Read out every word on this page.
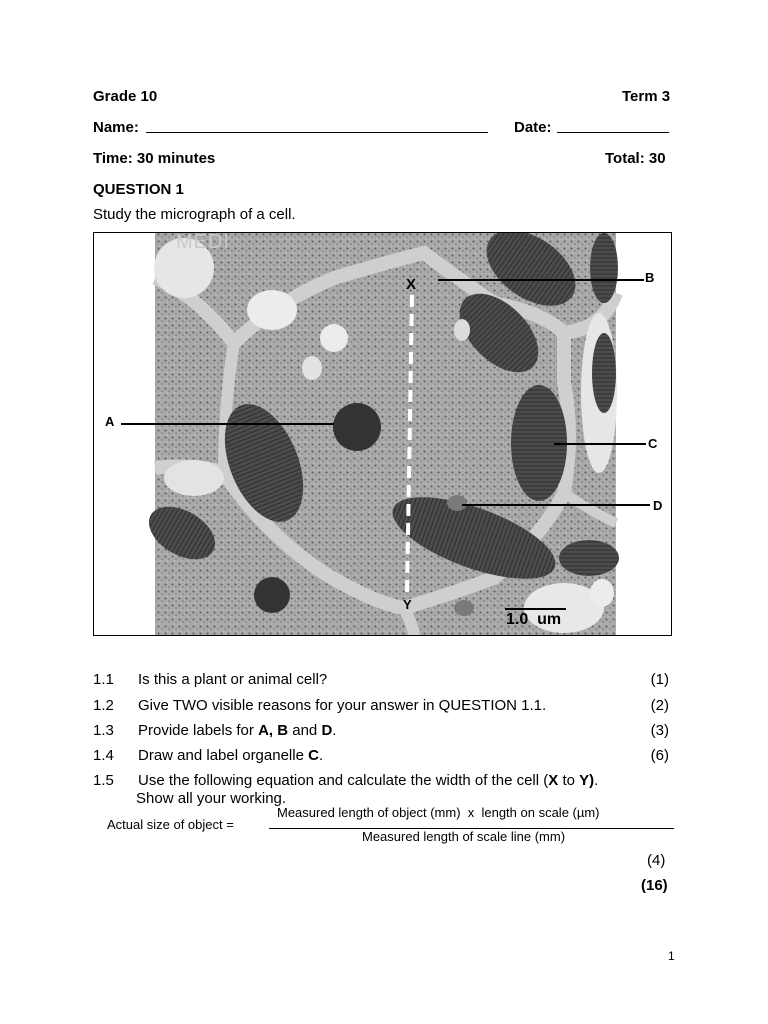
Grade 10	Term 3
Name:	Date:
Time: 30 minutes	Total: 30
QUESTION 1
Study the micrograph of a cell.
MEDI
X	B
A
C
D
Y
1.0  um
1.1 Is this a plant or animal cell?	(1)
1.2 Give TWO visible reasons for your answer in QUESTION 1.1.	(2)
1.3 Provide labels for A, B and D.	(3)
1.4 Draw and label organelle C.	(6)
1.5 Use the following equation and calculate the width of the cell (X to Y).
Show all your working.
Actual size of object =
Measured length of object (mm)  x  length on scale (µm)
Measured length of scale line (mm)
(4)
(16)
1
